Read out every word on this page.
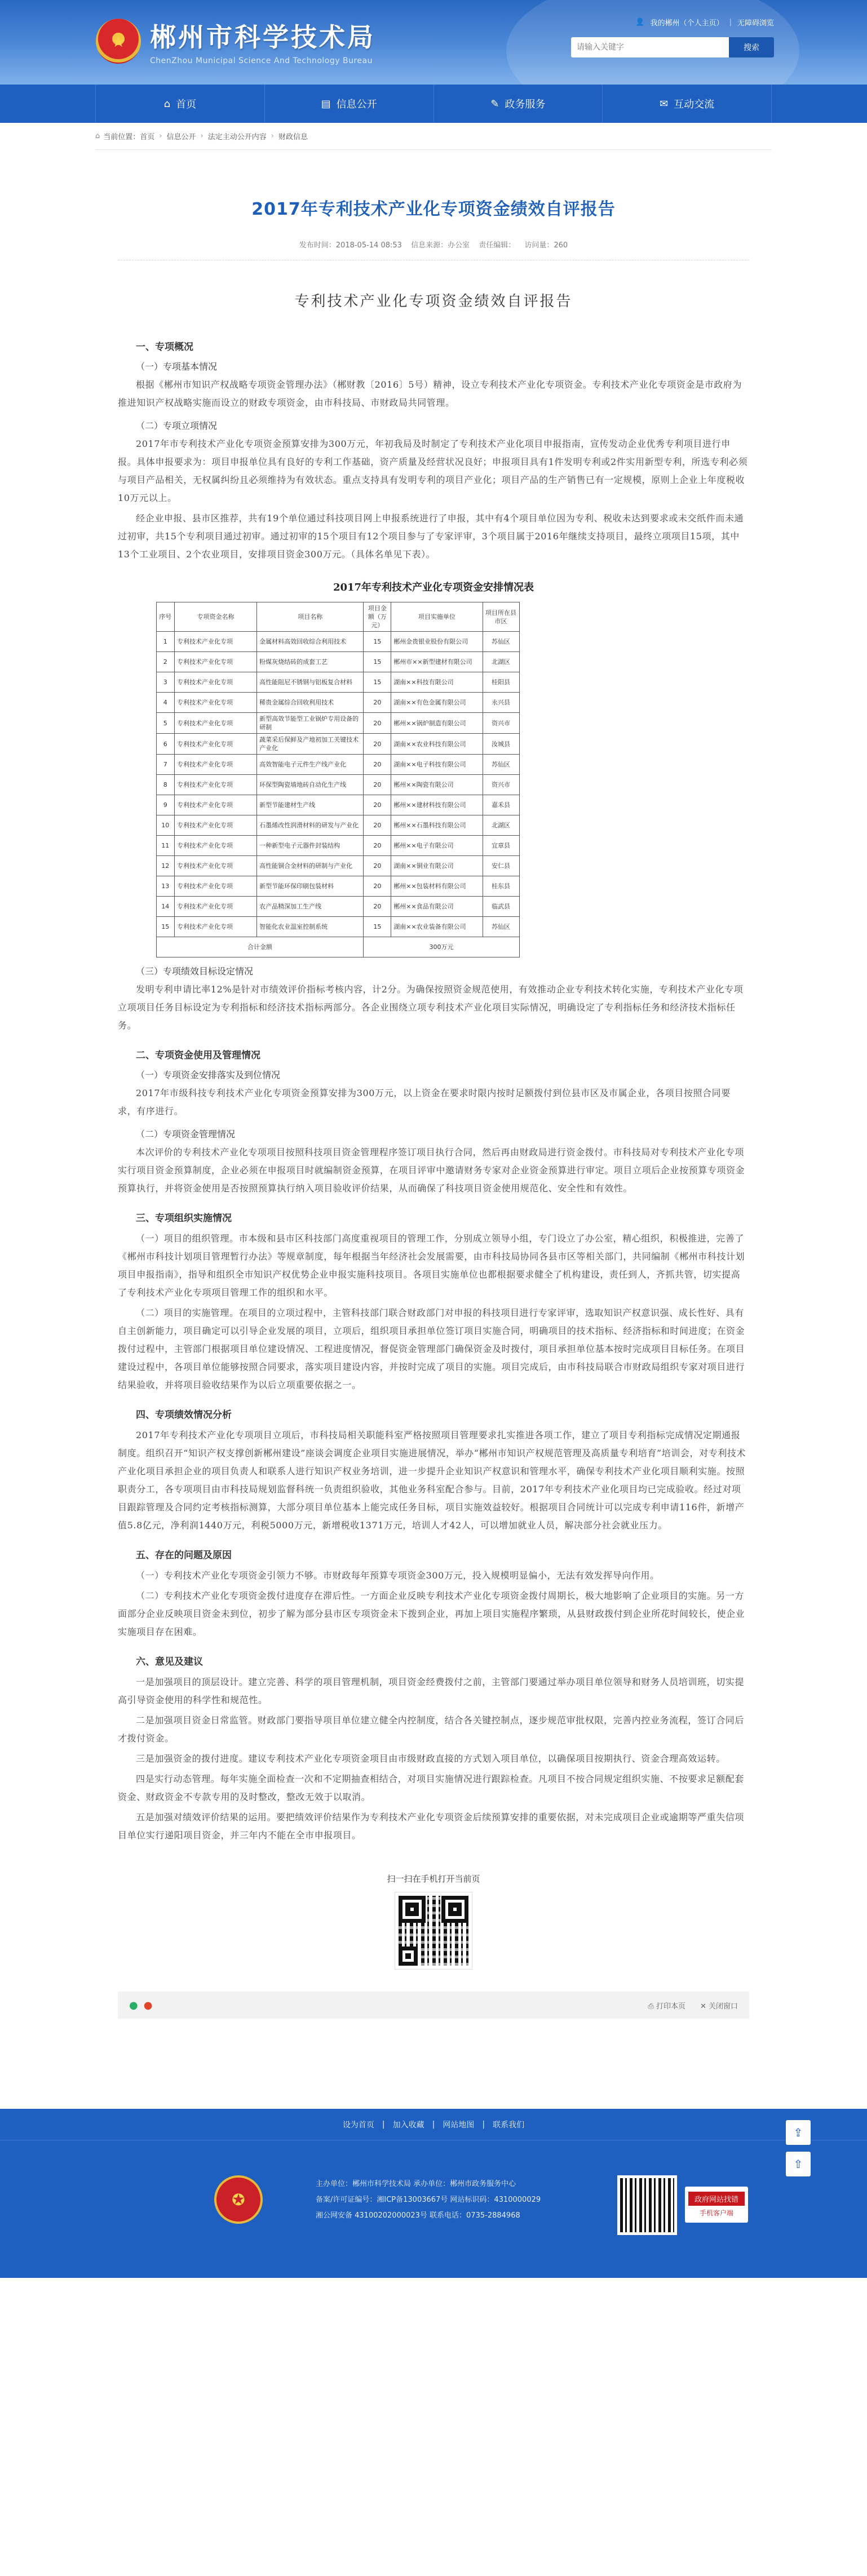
★ 郴州市科学技术局
ChenZhou Municipal Science And Technology Bureau
👤 我的郴州（个人主页） | 无障碍浏览
请输入关键字
搜索
⌂ 首页	▤ 信息公开	✎ 政务服务	✉ 互动交流
⌂ 当前位置： 首页 › 信息公开 › 法定主动公开内容 › 财政信息
2017年专利技术产业化专项资金绩效自评报告
发布时间：2018-05-14 08:53 信息来源：办公室 责任编辑： 访问量：260
专利技术产业化专项资金绩效自评报告
一、专项概况
（一）专项基本情况

根据《郴州市知识产权战略专项资金管理办法》（郴财教〔2016〕5号）精神，设立专利技术产业化专项资金。专利技术产业化专项资金是市政府为推进知识产权战略实施而设立的财政专项资金，由市科技局、市财政局共同管理。

（二）专项立项情况

2017年市专利技术产业化专项资金预算安排为300万元，年初我局及时制定了专利技术产业化项目申报指南，宣传发动企业优秀专利项目进行申报。具体申报要求为：项目申报单位具有良好的专利工作基础，资产质量及经营状况良好；申报项目具有1件发明专利或2件实用新型专利，所选专利必须与项目产品相关，无权属纠纷且必须维持为有效状态。重点支持具有发明专利的项目产业化；项目产品的生产销售已有一定规模，原则上企业上年度税收10万元以上。

经企业申报、县市区推荐，共有19个单位通过科技项目网上申报系统进行了申报，其中有4个项目单位因为专利、税收未达到要求或未交纸件而未通过初审，共15个专利项目通过初审。通过初审的15个项目有12个项目参与了专家评审，3个项目属于2016年继续支持项目，最终立项项目15项，其中13个工业项目、2个农业项目，安排项目资金300万元。（具体名单见下表）。

2017年专利技术产业化专项资金安排情况表
序号	专项资金名称	项目名称	项目金额（万元）	项目实施单位	项目所在县市区
1	专利技术产业化专项	金属材料高效回收综合利用技术	15	郴州金贵银业股份有限公司	苏仙区
2	专利技术产业化专项	粉煤灰烧结砖的成套工艺	15	郴州市××新型建材有限公司	北湖区
3	专利技术产业化专项	高性能阻尼不锈钢与铝板复合材料	15	湖南××科技有限公司	桂阳县
4	专利技术产业化专项	稀贵金属综合回收利用技术	20	湖南××有色金属有限公司	永兴县
5	专利技术产业化专项	新型高效节能型工业锅炉专用设备的研制	20	郴州××锅炉制造有限公司	资兴市
6	专利技术产业化专项	蔬菜采后保鲜及产地初加工关键技术产业化	20	湖南××农业科技有限公司	汝城县
7	专利技术产业化专项	高效智能电子元件生产线产业化	20	湖南××电子科技有限公司	苏仙区
8	专利技术产业化专项	环保型陶瓷墙地砖自动化生产线	20	郴州××陶瓷有限公司	资兴市
9	专利技术产业化专项	新型节能建材生产线	20	郴州××建材科技有限公司	嘉禾县
10	专利技术产业化专项	石墨烯改性润滑材料的研发与产业化	20	郴州××石墨科技有限公司	北湖区
11	专利技术产业化专项	一种新型电子元器件封装结构	20	郴州××电子有限公司	宜章县
12	专利技术产业化专项	高性能铜合金材料的研制与产业化	20	湖南××铜业有限公司	安仁县
13	专利技术产业化专项	新型节能环保印刷包装材料	20	郴州××包装材料有限公司	桂东县
14	专利技术产业化专项	农产品精深加工生产线	20	郴州××食品有限公司	临武县
15	专利技术产业化专项	智能化农业温室控制系统	15	湖南××农业装备有限公司	苏仙区
合计金额			300万元		
（三）专项绩效目标设定情况

发明专利申请比率12%是针对市绩效评价指标考核内容，计2分。为确保按照资金规范使用，有效推动企业专利技术转化实施，专利技术产业化专项立项项目任务目标设定为专利指标和经济技术指标两部分。各企业围绕立项专利技术产业化项目实际情况，明确设定了专利指标任务和经济技术指标任务。

二、专项资金使用及管理情况
（一）专项资金安排落实及到位情况

2017年市级科技专利技术产业化专项资金预算安排为300万元，以上资金在要求时限内按时足额拨付到位县市区及市属企业，各项目按照合同要求，有序进行。

（二）专项资金管理情况

本次评价的专利技术产业化专项项目按照科技项目资金管理程序签订项目执行合同，然后再由财政局进行资金拨付。市科技局对专利技术产业化专项实行项目资金预算制度，企业必须在申报项目时就编制资金预算，在项目评审中邀请财务专家对企业资金预算进行审定。项目立项后企业按预算专项资金预算执行，并将资金使用是否按照预算执行纳入项目验收评价结果，从而确保了科技项目资金使用规范化、安全性和有效性。

三、专项组织实施情况

（一）项目的组织管理。市本级和县市区科技部门高度重视项目的管理工作，分别成立领导小组，专门设立了办公室，精心组织，积极推进，完善了《郴州市科技计划项目管理暂行办法》等规章制度，每年根据当年经济社会发展需要，由市科技局协同各县市区等相关部门，共同编制《郴州市科技计划项目申报指南》，指导和组织全市知识产权优势企业申报实施科技项目。各项目实施单位也都根据要求健全了机构建设，责任到人，齐抓共管，切实提高了专利技术产业化专项项目管理工作的组织和水平。

（二）项目的实施管理。在项目的立项过程中，主管科技部门联合财政部门对申报的科技项目进行专家评审，选取知识产权意识强、成长性好、具有自主创新能力，项目确定可以引导企业发展的项目，立项后，组织项目承担单位签订项目实施合同，明确项目的技术指标、经济指标和时间进度；在资金拨付过程中，主管部门根据项目单位建设情况、工程进度情况，督促资金管理部门确保资金及时拨付，项目承担单位基本按时完成项目目标任务。在项目建设过程中，各项目单位能够按照合同要求，落实项目建设内容，并按时完成了项目的实施。项目完成后，由市科技局联合市财政局组织专家对项目进行结果验收，并将项目验收结果作为以后立项重要依据之一。

四、专项绩效情况分析

2017年专利技术产业化专项项目立项后，市科技局相关职能科室严格按照项目管理要求扎实推进各项工作，建立了项目专利指标完成情况定期通报制度。组织召开“知识产权支撑创新郴州建设”座谈会调度企业项目实施进展情况，举办“郴州市知识产权规范管理及高质量专利培育”培训会，对专利技术产业化项目承担企业的项目负责人和联系人进行知识产权业务培训，进一步提升企业知识产权意识和管理水平，确保专利技术产业化项目顺利实施。按照职责分工，各专项项目由市科技局规划监督科统一负责组织验收，其他业务科室配合参与。目前，2017年专利技术产业化项目均已完成验收。经过对项目跟踪管理及合同约定考核指标测算，大部分项目单位基本上能完成任务目标，项目实施效益较好。根据项目合同统计可以完成专利申请116件，新增产值5.8亿元，净利润1440万元，利税5000万元，新增税收1371万元，培训人才42人，可以增加就业人员，解决部分社会就业压力。

五、存在的问题及原因

（一）专利技术产业化专项资金引领力不够。市财政每年预算专项资金300万元，投入规模明显偏小，无法有效发挥导向作用。

（二）专利技术产业化专项资金拨付进度存在滞后性。一方面企业反映专利技术产业化专项资金拨付周期长，极大地影响了企业项目的实施。另一方面部分企业反映项目资金未到位，初步了解为部分县市区专项资金未下拨到企业，再加上项目实施程序繁琐，从县财政拨付到企业所花时间较长，使企业实施项目存在困难。

六、意见及建议

一是加强项目的顶层设计。建立完善、科学的项目管理机制，项目资金经费拨付之前，主管部门要通过举办项目单位领导和财务人员培训班，切实提高引导资金使用的科学性和规范性。

二是加强项目资金日常监管。财政部门要指导项目单位建立健全内控制度，结合各关键控制点，逐步规范审批权限，完善内控业务流程，签订合同后才拨付资金。

三是加强资金的拨付进度。建议专利技术产业化专项资金项目由市级财政直接的方式划入项目单位，以确保项目按期执行、资金合理高效运转。

四是实行动态管理。每年实施全面检查一次和不定期抽查相结合，对项目实施情况进行跟踪检查。凡项目不按合同规定组织实施、不按要求足额配套资金、财政资金不专款专用的及时整改，整改无效于以取消。

五是加强对绩效评价结果的运用。要把绩效评价结果作为专利技术产业化专项资金后续预算安排的重要依据，对未完成项目企业或逾期等严重失信项目单位实行递阳项目资金，并三年内不能在全市申报项目。

扫一扫在手机打开当前页
● ●	⎙ 打印本页 ✕ 关闭窗口
设为首页 | 加入收藏 | 网站地图 | 联系我们
✪
主办单位：郴州市科学技术局 承办单位：郴州市政务服务中心
备案/许可证编号：湘ICP备13003667号 网站标识码：4310000029
湘公网安备 43100202000023号 联系电话：0735-2884968
政府网站找错
手机客户端
⇪
⇧
